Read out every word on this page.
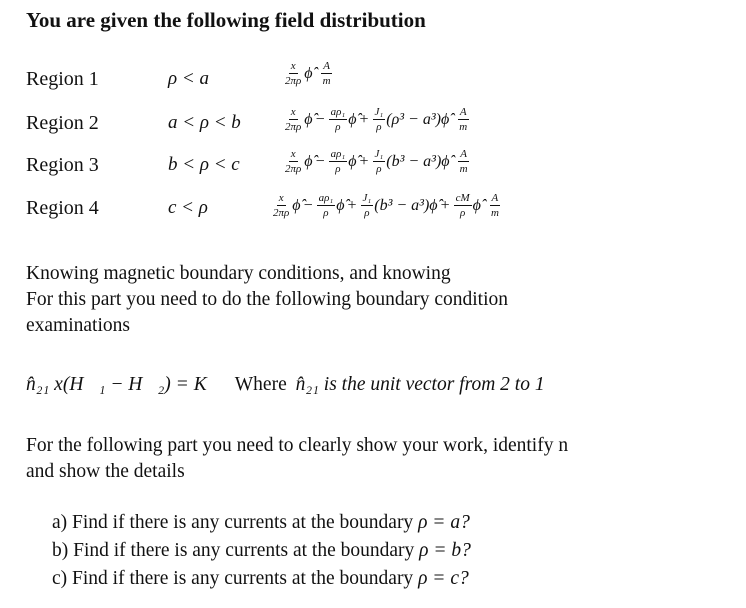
You are given the following field distribution
Region 1
Region 2
Region 3
Region 4
ρ < a
a < ρ < b
b < ρ < c
c < ρ
$\frac{x}{2\pi\rho}$ ϕ̂ $\frac{A}{m}$
$\frac{x}{2\pi\rho}$ ϕ̂ − $\frac{\text{aρ₁}}{\rho}$ ϕ̂ + $\frac{\text{J₁}}{\rho} (\rho^3 - a^3)$ ϕ̂ $\frac{A}{m}$
$\frac{x}{2\pi\rho}$ ϕ̂ − $\frac{\text{aρ₁}}{\rho}$ ϕ̂ + $\frac{\text{J₁}}{\rho} (b^3 - a^3)$ ϕ̂ $\frac{A}{m}$
$\frac{x}{2\pi\rho}$ ϕ̂ − $\frac{\text{aρ₁}}{\rho}$ ϕ̂ + $\frac{\text{J₁}}{\rho} (b^3 - a^3)$ ϕ̂ + $\frac{cM}{\rho}$ ϕ̂ $\frac{A}{m}$
Knowing magnetic boundary conditions, and knowing
For this part you need to do the following boundary condition
examinations
n̂₂₁ x(H⃗₁ − H⃗₂) = K⃗ Where n̂₂₁ is the unit vector from 2 to 1
For the following part you need to clearly show your work, identify n
and show the details
a) Find if there is any currents at the boundary ρ = a?
b) Find if there is any currents at the boundary ρ = b?
c) Find if there is any currents at the boundary ρ = c?
